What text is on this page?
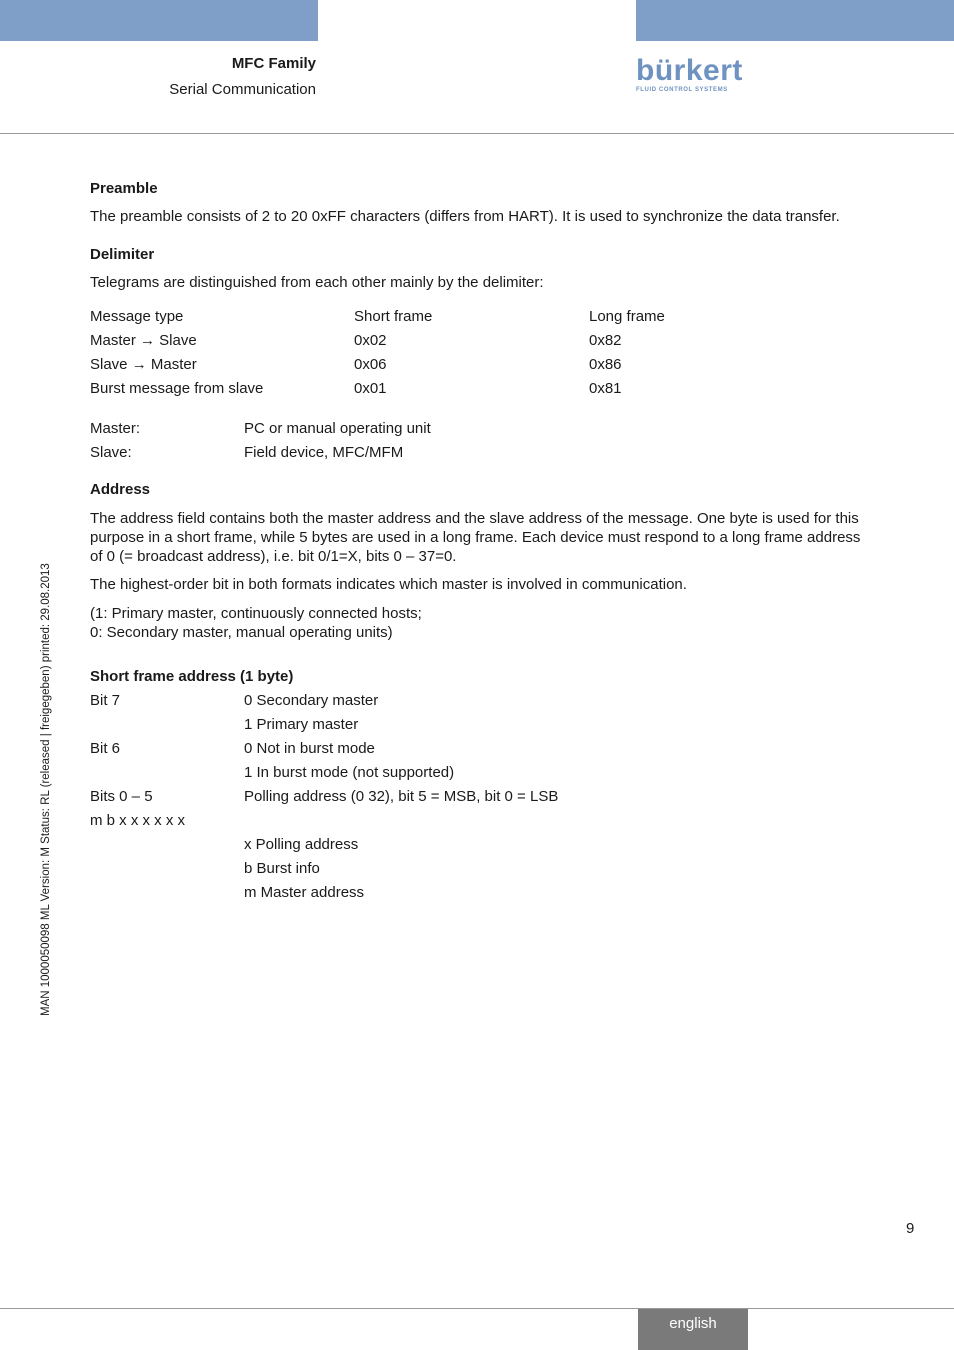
MFC Family
Serial Communication
bürkert
FLUID CONTROL SYSTEMS
Preamble
The preamble consists of 2 to 20 0xFF characters (differs from HART). It is used to synchronize the data transfer.
Delimiter
Telegrams are distinguished from each other mainly by the delimiter:
Message type	Short frame	Long frame
Master → Slave	0x02	0x82
Slave → Master	0x06	0x86
Burst message from slave	0x01	0x81
Master:	PC or manual operating unit
Slave:	Field device, MFC/MFM
Address
The address field contains both the master address and the slave address of the message. One byte is used for this
purpose in a short frame, while 5 bytes are used in a long frame. Each device must respond to a long frame address
of 0 (= broadcast address), i.e. bit 0/1=X, bits 0 – 37=0.
The highest-order bit in both formats indicates which master is involved in communication.
(1: Primary master, continuously connected hosts;
0: Secondary master, manual operating units)
Short frame address (1 byte)
Bit 7	0 Secondary master
1 Primary master
Bit 6	0 Not in burst mode
1 In burst mode (not supported)
Bits 0 – 5	Polling address (0 32), bit 5 = MSB, bit 0 = LSB
m b x x x x x x
x Polling address
b Burst info
m Master address
MAN 1000050098 ML Version: M Status: RL (released | freigegeben) printed: 29.08.2013
9
english
